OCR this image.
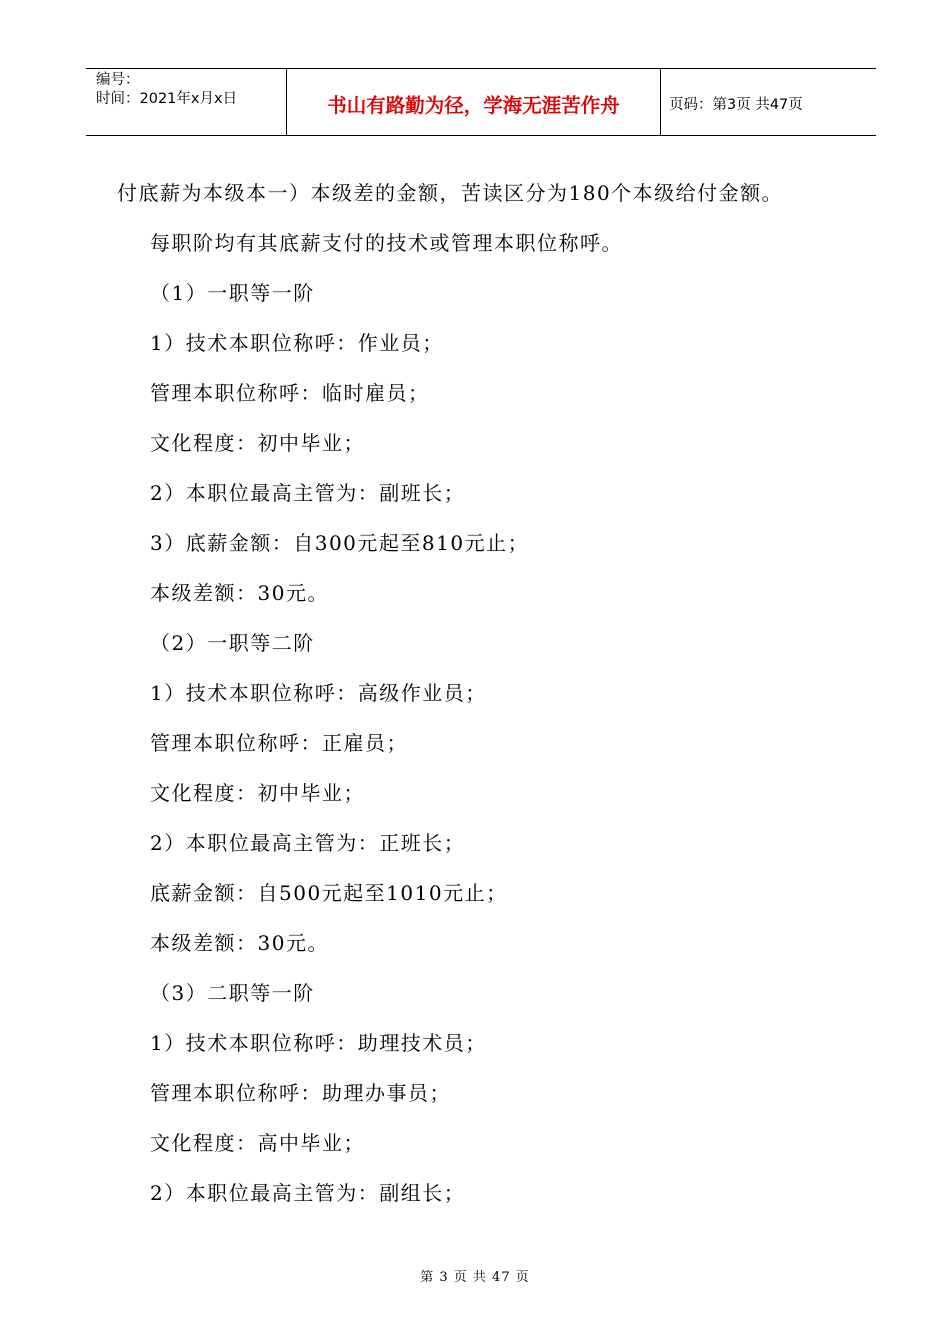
编号：
时间：2021年x月x日	书山有路勤为径，学海无涯苦作舟	页码：第3页 共47页
付底薪为本级本一）本级差的金额，苦读区分为180个本级给付金额。
每职阶均有其底薪支付的技术或管理本职位称呼。
（1）一职等一阶
1）技术本职位称呼：作业员；
管理本职位称呼：临时雇员；
文化程度：初中毕业；
2）本职位最高主管为：副班长；
3）底薪金额：自300元起至810元止；
本级差额：30元。
（2）一职等二阶
1）技术本职位称呼：高级作业员；
管理本职位称呼：正雇员；
文化程度：初中毕业；
2）本职位最高主管为：正班长；
底薪金额：自500元起至1010元止；
本级差额：30元。
（3）二职等一阶
1）技术本职位称呼：助理技术员；
管理本职位称呼：助理办事员；
文化程度：高中毕业；
2）本职位最高主管为：副组长；
第 3 页 共 47 页
